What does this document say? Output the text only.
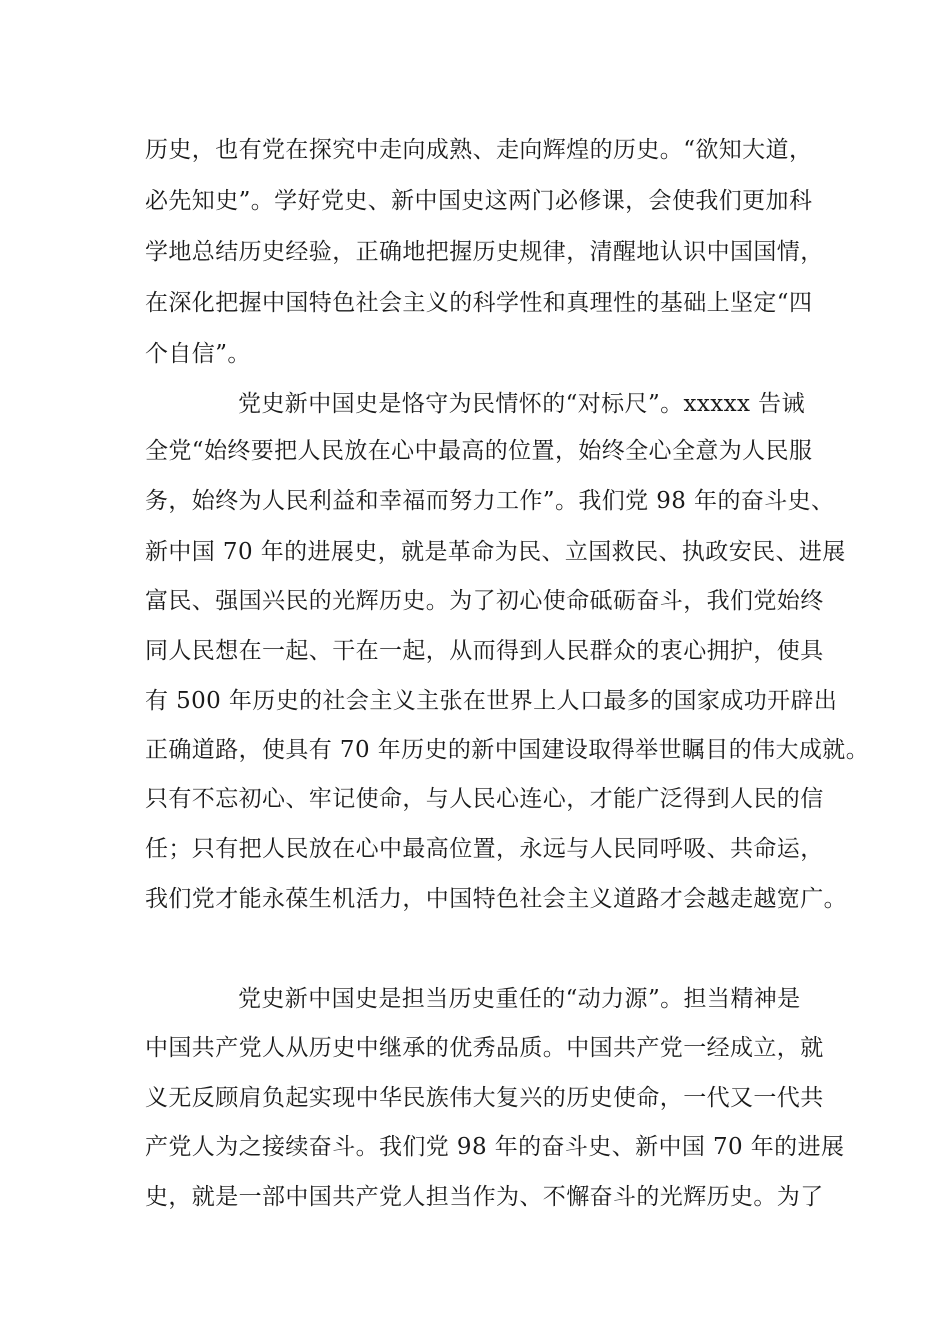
历史，也有党在探究中走向成熟、走向辉煌的历史。“欲知大道，
必先知史”。学好党史、新中国史这两门必修课，会使我们更加科
学地总结历史经验，正确地把握历史规律，清醒地认识中国国情，
在深化把握中国特色社会主义的科学性和真理性的基础上坚定“四
个自信”。
党史新中国史是恪守为民情怀的“对标尺”。xxxxx 告诫
全党“始终要把人民放在心中最高的位置，始终全心全意为人民服
务，始终为人民利益和幸福而努力工作”。我们党 98 年的奋斗史、
新中国 70 年的进展史，就是革命为民、立国救民、执政安民、进展
富民、强国兴民的光辉历史。为了初心使命砥砺奋斗，我们党始终
同人民想在一起、干在一起，从而得到人民群众的衷心拥护，使具
有 500 年历史的社会主义主张在世界上人口最多的国家成功开辟出
正确道路，使具有 70 年历史的新中国建设取得举世瞩目的伟大成就。
只有不忘初心、牢记使命，与人民心连心，才能广泛得到人民的信
任；只有把人民放在心中最高位置，永远与人民同呼吸、共命运，
我们党才能永葆生机活力，中国特色社会主义道路才会越走越宽广。
党史新中国史是担当历史重任的“动力源”。担当精神是
中国共产党人从历史中继承的优秀品质。中国共产党一经成立，就
义无反顾肩负起实现中华民族伟大复兴的历史使命，一代又一代共
产党人为之接续奋斗。我们党 98 年的奋斗史、新中国 70 年的进展
史，就是一部中国共产党人担当作为、不懈奋斗的光辉历史。为了
